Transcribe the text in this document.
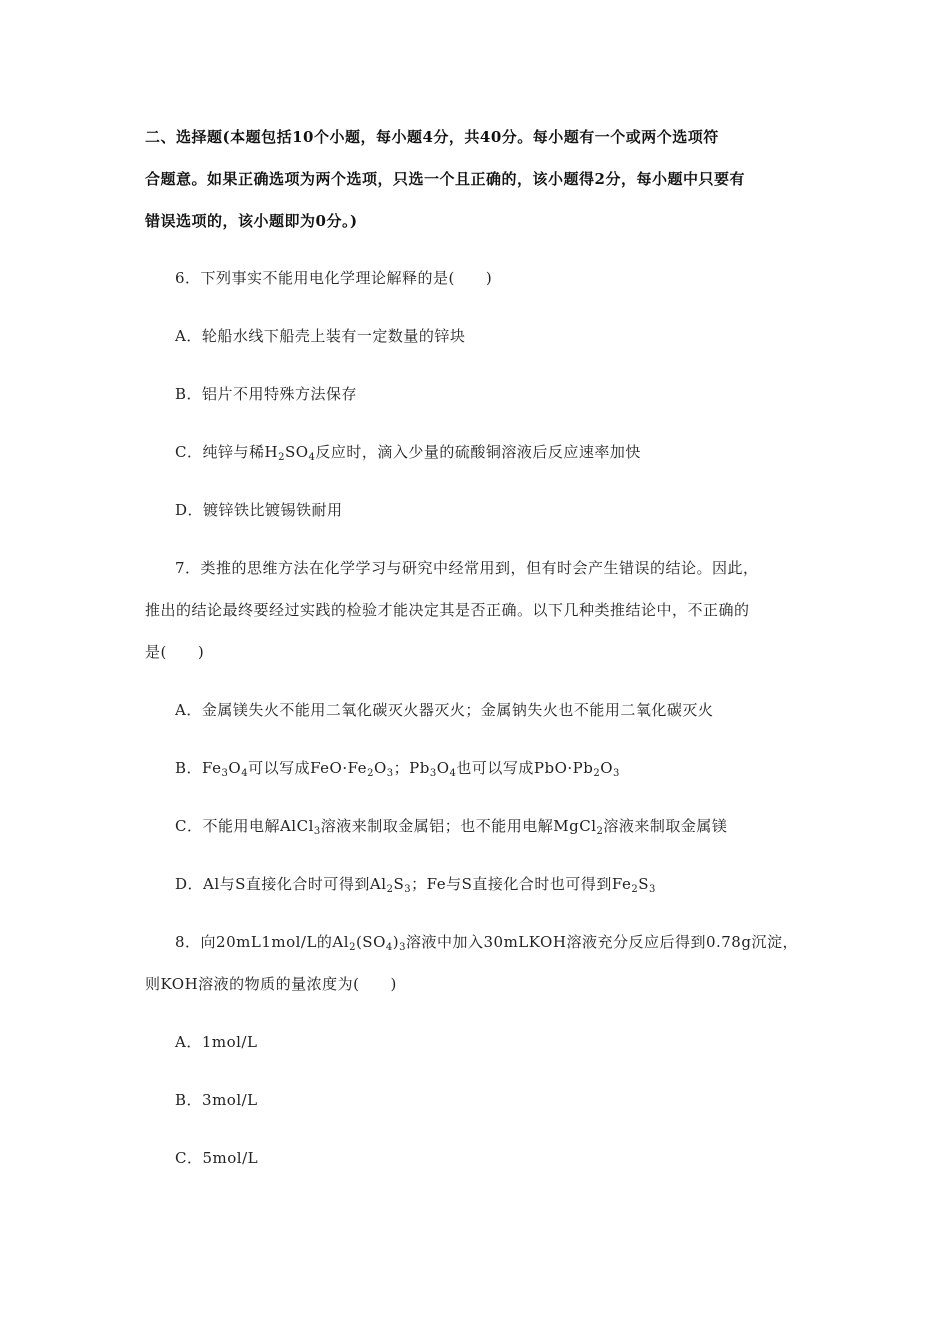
二、选择题(本题包括10个小题，每小题4分，共40分。每小题有一个或两个选项符
合题意。如果正确选项为两个选项，只选一个且正确的，该小题得2分，每小题中只要有
错误选项的，该小题即为0分。)
6．下列事实不能用电化学理论解释的是(　　)
A．轮船水线下船壳上装有一定数量的锌块
B．铝片不用特殊方法保存
C．纯锌与稀$H_2SO_4$反应时，滴入少量的硫酸铜溶液后反应速率加快
D．镀锌铁比镀锡铁耐用
7．类推的思维方法在化学学习与研究中经常用到，但有时会产生错误的结论。因此，
推出的结论最终要经过实践的检验才能决定其是否正确。以下几种类推结论中，不正确的
是(　　)
A．金属镁失火不能用二氧化碳灭火器灭火；金属钠失火也不能用二氧化碳灭火
B．$Fe_3O_4$可以写成$FeO\cdot Fe_2O_3$；$Pb_3O_4$也可以写成$PbO\cdot Pb_2O_3$
C．不能用电解AlCl$_3$溶液来制取金属铝；也不能用电解MgCl$_2$溶液来制取金属镁
D．Al与S直接化合时可得到$Al_2S_3$；Fe与S直接化合时也可得到$Fe_2S_3$
8．向20mL1mol/L的$Al_2(SO_4)_3$溶液中加入30mLKOH溶液充分反应后得到0.78g沉淀，
则KOH溶液的物质的量浓度为(　　)
A．1mol/L
B．3mol/L
C．5mol/L
